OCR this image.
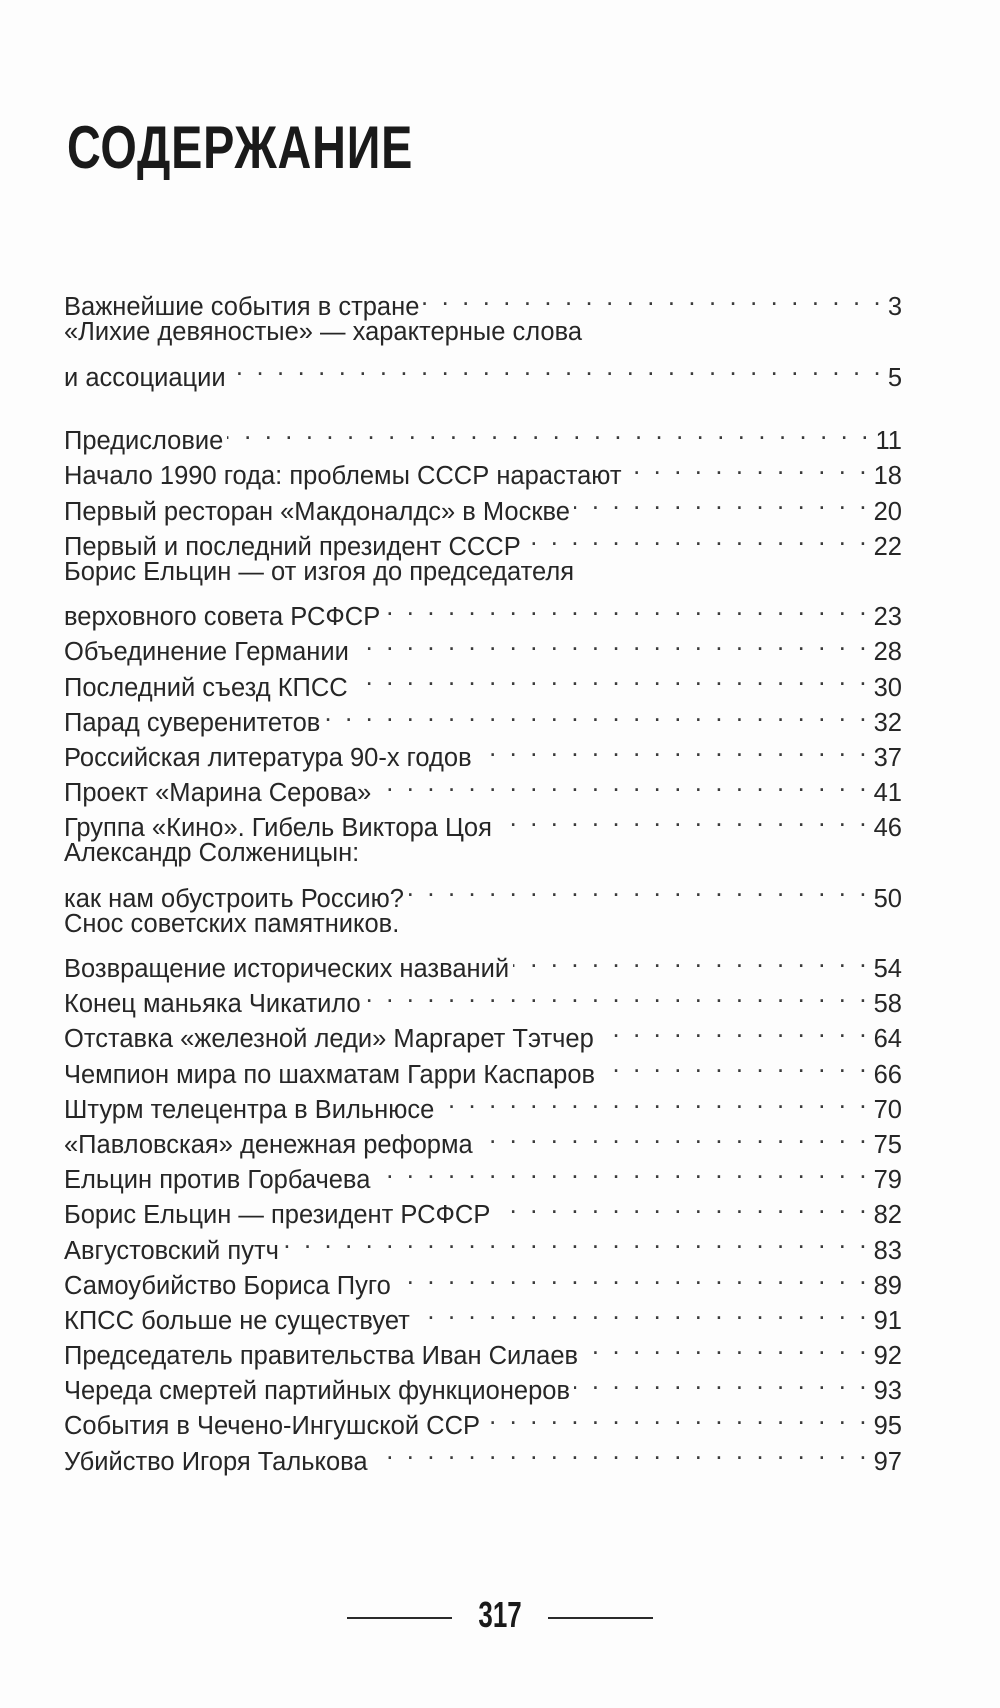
СОДЕРЖАНИЕ
Важнейшие события в стране . . .	3
«Лихие девяностые» — характерные слова
и ассоциации . . .	5
Предисловие . . .	11
Начало 1990 года: проблемы СССР нарастают . . .	18
Первый ресторан «Макдоналдс» в Москве . . .	20
Первый и последний президент СССР . . .	22
Борис Ельцин — от изгоя до председателя
верховного совета РСФСР . . .	23
Объединение Германии . . .	28
Последний съезд КПСС . . .	30
Парад суверенитетов . . .	32
Российская литература 90-х годов . . .	37
Проект «Марина Серова» . . .	41
Группа «Кино». Гибель Виктора Цоя . . .	46
Александр Солженицын:
как нам обустроить Россию? . . .	50
Снос советских памятников.
Возвращение исторических названий . . .	54
Конец маньяка Чикатило . . .	58
Отставка «железной леди» Маргарет Тэтчер . . .	64
Чемпион мира по шахматам Гарри Каспаров . . .	66
Штурм телецентра в Вильнюсе . . .	70
«Павловская» денежная реформа . . .	75
Ельцин против Горбачева . . .	79
Борис Ельцин — президент РСФСР . . .	82
Августовский путч . . .	83
Самоубийство Бориса Пуго . . .	89
КПСС больше не существует . . .	91
Председатель правительства Иван Силаев . . .	92
Череда смертей партийных функционеров . . .	93
События в Чечено-Ингушской ССР . . .	95
Убийство Игоря Талькова . . .	97
317
